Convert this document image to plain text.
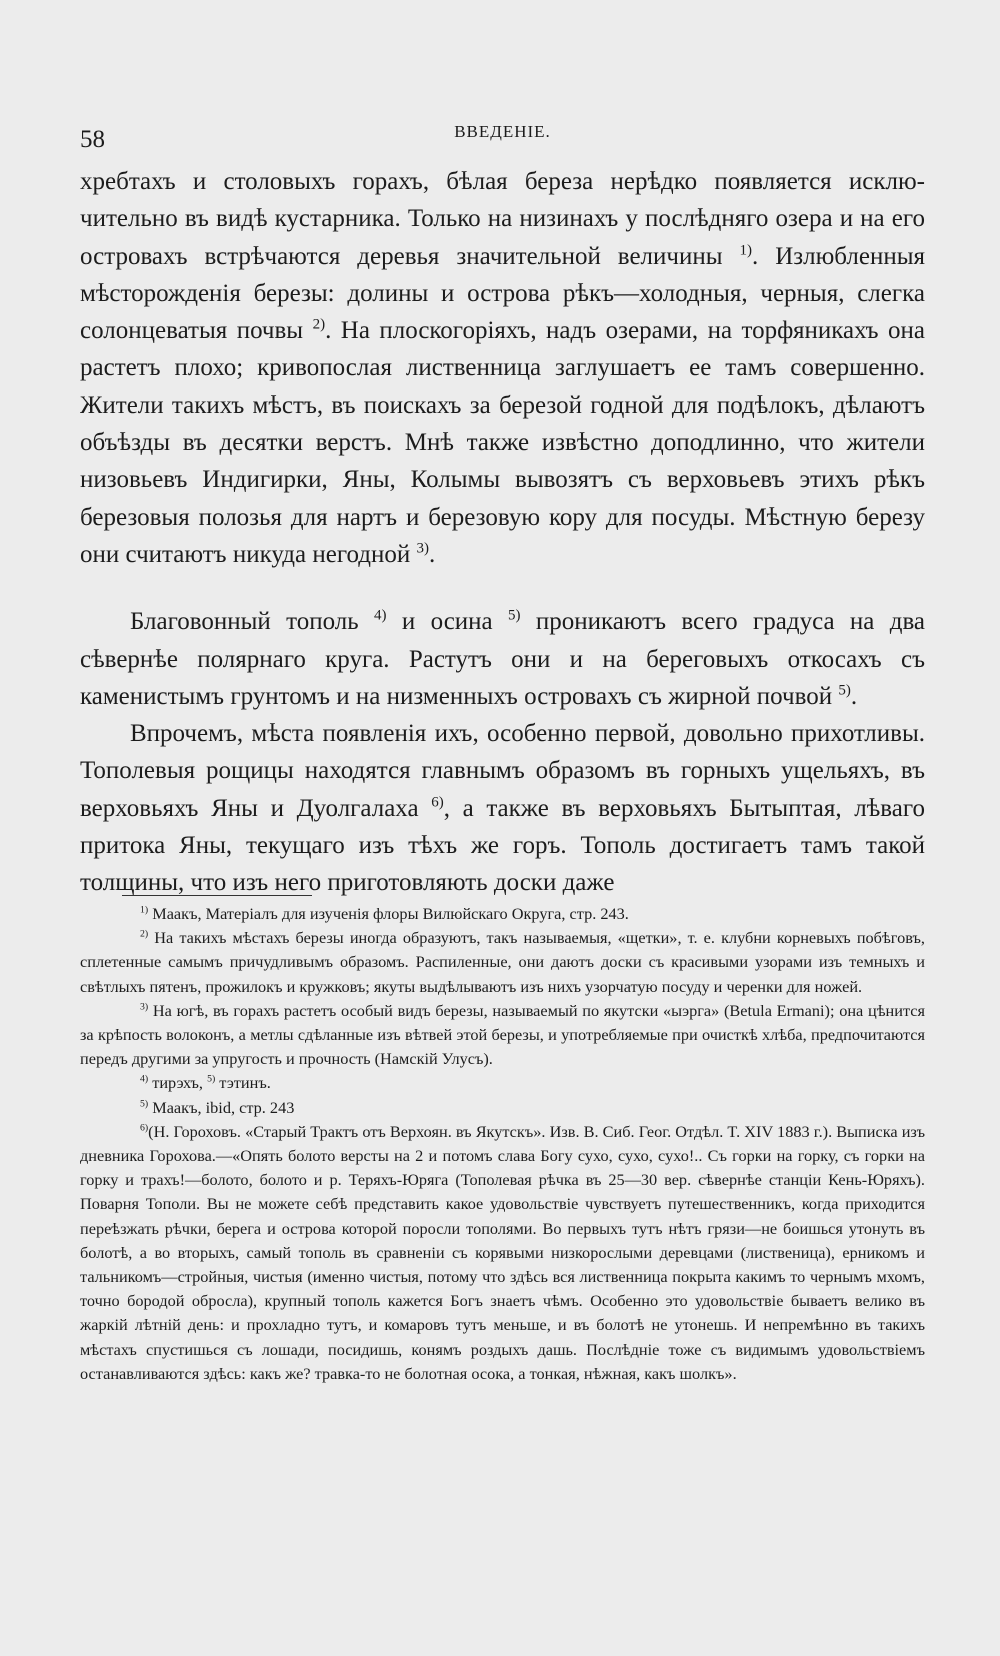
58	ВВЕДЕНІЕ.

хребтахъ и столовыхъ горахъ, бѣлая береза нерѣдко появляется исключительно въ видѣ кустарника. Только на низинахъ у послѣдняго озера и на его островахъ встрѣчаются деревья значительной величины $^{1)}$. Излюбленныя мѣсторожденія березы: долины и острова рѣкъ—холодныя, черныя, слегка солонцеватыя почвы $^{2)}$. На плоскогоріяхъ, надъ озерами, на торфяникахъ она растетъ плохо; кривопослая лиственница заглушаетъ ее тамъ совершенно. Жители такихъ мѣстъ, въ поискахъ за березой годной для подѣлокъ, дѣлаютъ объѣзды въ десятки верстъ. Мнѣ также извѣстно доподлинно, что жители низовьевъ Индигирки, Яны, Колымы вывозятъ съ верховьевъ этихъ рѣкъ березовыя полозья для нартъ и березовую кору для посуды. Мѣстную березу они считаютъ никуда негодной $^{3)}$.

Благовонный тополь $^{4)}$ и осина $^{5)}$ проникаютъ всего градуса на два сѣвернѣе полярнаго круга. Растутъ они и на береговыхъ откосахъ съ каменистымъ грунтомъ и на низменныхъ островахъ съ жирной почвой $^{5)}$.

Впрочемъ, мѣста появленія ихъ, особенно первой, довольно прихотливы. Тополевыя рощицы находятся главнымъ образомъ въ горныхъ ущельяхъ, въ верховьяхъ Яны и Дуолгалаха $^{6)}$, а также въ верховьяхъ Бытыптая, лѣваго притока Яны, текущаго изъ тѣхъ же горъ. Тополь достигаетъ тамъ такой толщины, что изъ него приготовляють доски даже

$^{1)}$ Маакъ, Матеріалъ для изученія флоры Вилюйскаго Округа, стр. 243.

$^{2)}$ На такихъ мѣстахъ березы иногда образуютъ, такъ называемыя, «щетки», т. е. клубни корневыхъ побѣговъ, сплетенные самымъ причудливымъ образомъ. Распиленные, они даютъ доски съ красивыми узорами изъ темныхъ и свѣтлыхъ пятенъ, прожилокъ и кружковъ; якуты выдѣлываютъ изъ нихъ узорчатую посуду и черенки для ножей.

$^{3)}$ На югѣ, въ горахъ растетъ особый видъ березы, называемый по якутски «ыэрга» (Betula Ermani); она цѣнится за крѣпость волоконъ, а метлы сдѣланные изъ вѣтвей этой березы, и употребляемые при очисткѣ хлѣба, предпочитаются передъ другими за упругость и прочность (Намскій Улусъ).

$^{4)}$ тирэхъ, $^{5)}$ тэтинъ.

$^{5)}$ Маакъ, ibid, стр. 243

$^{6)}$(Н. Гороховъ. «Старый Трактъ отъ Верхоян. въ Якутскъ». Изв. В. Сиб. Геог. Отдѣл. T. XIV 1883 г.). Выписка изъ дневника Горохова.—«Опять болото версты на 2 и потомъ слава Богу сухо, сухо, сухо!.. Съ горки на горку, съ горки на горку и трахъ!—болото, болото и р. Теряхъ-Юряга (Тополевая рѣчка въ 25—30 вер. сѣвернѣе станціи Кень-Юряхъ). Поварня Тополи. Вы не можете себѣ представить какое удовольствіе чувствуетъ путешественникъ, когда приходится переѣзжать рѣчки, берега и острова которой поросли тополями. Во первыхъ тутъ нѣтъ грязи—не боишься утонуть въ болотѣ, а во вторыхъ, самый тополь въ сравненіи съ корявыми низкорослыми деревцами (лиственица), ерникомъ и тальникомъ—стройныя, чистыя (именно чистыя, потому что здѣсь вся лиственница покрыта какимъ то чернымъ мхомъ, точно бородой обросла), крупный тополь кажется Богъ знаетъ чѣмъ. Особенно это удовольствіе бываетъ велико въ жаркій лѣтній день: и прохладно тутъ, и комаровъ тутъ меньше, и въ болотѣ не утонешь. И непремѣнно въ такихъ мѣстахъ спустишься съ лошади, посидишь, конямъ роздыхъ дашь. Послѣдніе тоже съ видимымъ удовольствіемъ останавливаются здѣсь: какъ же? травка-то не болотная осока, а тонкая, нѣжная, какъ шолкъ».
